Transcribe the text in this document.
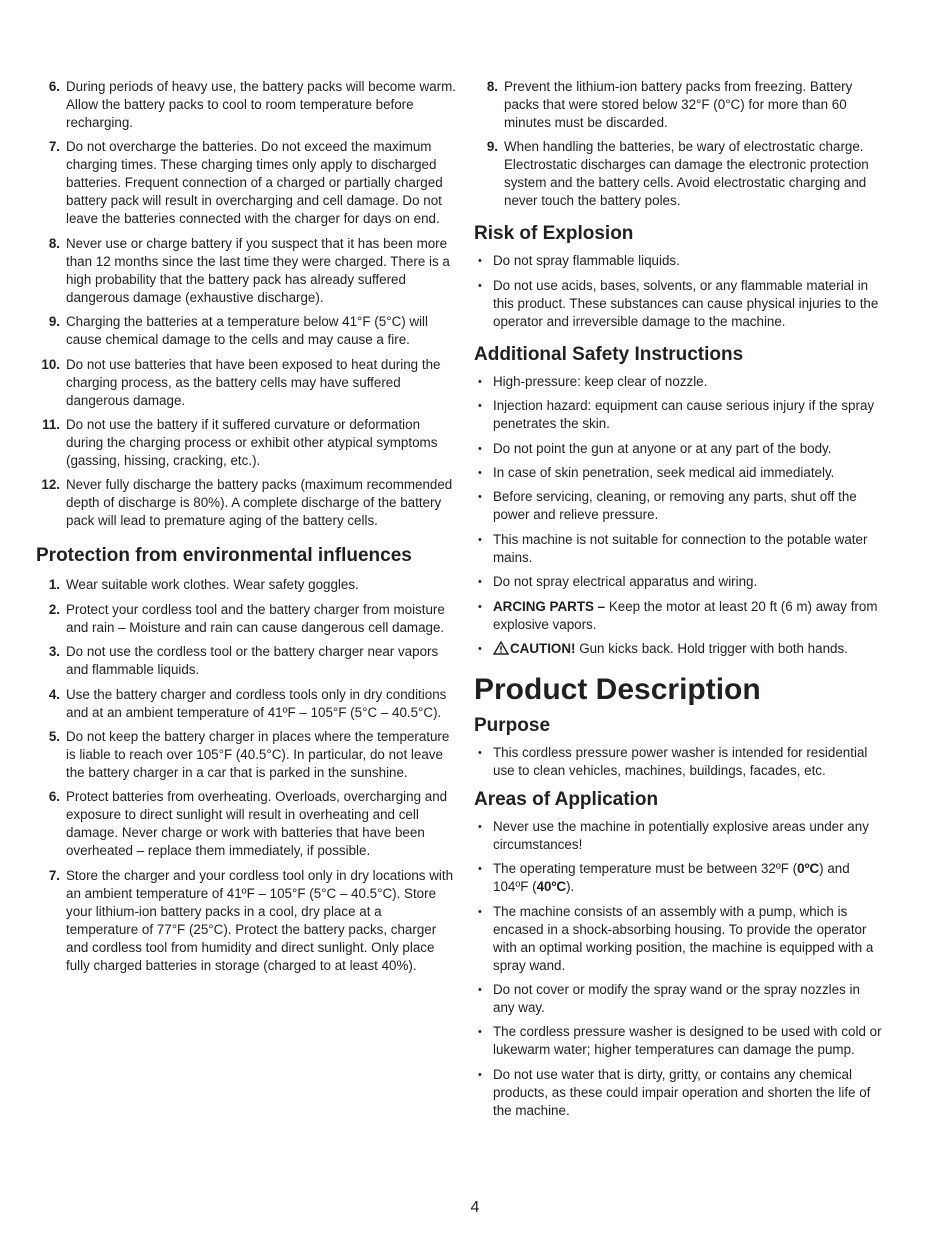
6. During periods of heavy use, the battery packs will become warm. Allow the battery packs to cool to room temperature before recharging.
7. Do not overcharge the batteries. Do not exceed the maximum charging times. These charging times only apply to discharged batteries. Frequent connection of a charged or partially charged battery pack will result in overcharging and cell damage. Do not leave the batteries connected with the charger for days on end.
8. Never use or charge battery if you suspect that it has been more than 12 months since the last time they were charged. There is a high probability that the battery pack has already suffered dangerous damage (exhaustive discharge).
9. Charging the batteries at a temperature below 41°F (5°C) will cause chemical damage to the cells and may cause a fire.
10. Do not use batteries that have been exposed to heat during the charging process, as the battery cells may have suffered dangerous damage.
11. Do not use the battery if it suffered curvature or deformation during the charging process or exhibit other atypical symptoms (gassing, hissing, cracking, etc.).
12. Never fully discharge the battery packs (maximum recommended depth of discharge is 80%). A complete discharge of the battery pack will lead to premature aging of the battery cells.
Protection from environmental influences
1. Wear suitable work clothes. Wear safety goggles.
2. Protect your cordless tool and the battery charger from moisture and rain – Moisture and rain can cause dangerous cell damage.
3. Do not use the cordless tool or the battery charger near vapors and flammable liquids.
4. Use the battery charger and cordless tools only in dry conditions and at an ambient temperature of 41ºF – 105°F (5°C – 40.5°C).
5. Do not keep the battery charger in places where the temperature is liable to reach over 105°F (40.5°C). In particular, do not leave the battery charger in a car that is parked in the sunshine.
6. Protect batteries from overheating. Overloads, overcharging and exposure to direct sunlight will result in overheating and cell damage. Never charge or work with batteries that have been overheated – replace them immediately, if possible.
7. Store the charger and your cordless tool only in dry locations with an ambient temperature of 41ºF – 105°F (5°C – 40.5°C). Store your lithium-ion battery packs in a cool, dry place at a temperature of 77°F (25°C). Protect the battery packs, charger and cordless tool from humidity and direct sunlight. Only place fully charged batteries in storage (charged to at least 40%).
8. Prevent the lithium-ion battery packs from freezing. Battery packs that were stored below 32°F (0°C) for more than 60 minutes must be discarded.
9. When handling the batteries, be wary of electrostatic charge. Electrostatic discharges can damage the electronic protection system and the battery cells. Avoid electrostatic charging and never touch the battery poles.
Risk of Explosion
• Do not spray flammable liquids.
• Do not use acids, bases, solvents, or any flammable material in this product. These substances can cause physical injuries to the operator and irreversible damage to the machine.
Additional Safety Instructions
• High-pressure: keep clear of nozzle.
• Injection hazard: equipment can cause serious injury if the spray penetrates the skin.
• Do not point the gun at anyone or at any part of the body.
• In case of skin penetration, seek medical aid immediately.
• Before servicing, cleaning, or removing any parts, shut off the power and relieve pressure.
• This machine is not suitable for connection to the potable water mains.
• Do not spray electrical apparatus and wiring.
• ARCING PARTS – Keep the motor at least 20 ft (6 m) away from explosive vapors.
• CAUTION! Gun kicks back. Hold trigger with both hands.
Product Description
Purpose
• This cordless pressure power washer is intended for residential use to clean vehicles, machines, buildings, facades, etc.
Areas of Application
• Never use the machine in potentially explosive areas under any circumstances!
• The operating temperature must be between 32ºF (0ºC) and 104ºF (40ºC).
• The machine consists of an assembly with a pump, which is encased in a shock-absorbing housing. To provide the operator with an optimal working position, the machine is equipped with a spray wand.
• Do not cover or modify the spray wand or the spray nozzles in any way.
• The cordless pressure washer is designed to be used with cold or lukewarm water; higher temperatures can damage the pump.
• Do not use water that is dirty, gritty, or contains any chemical products, as these could impair operation and shorten the life of the machine.
4
